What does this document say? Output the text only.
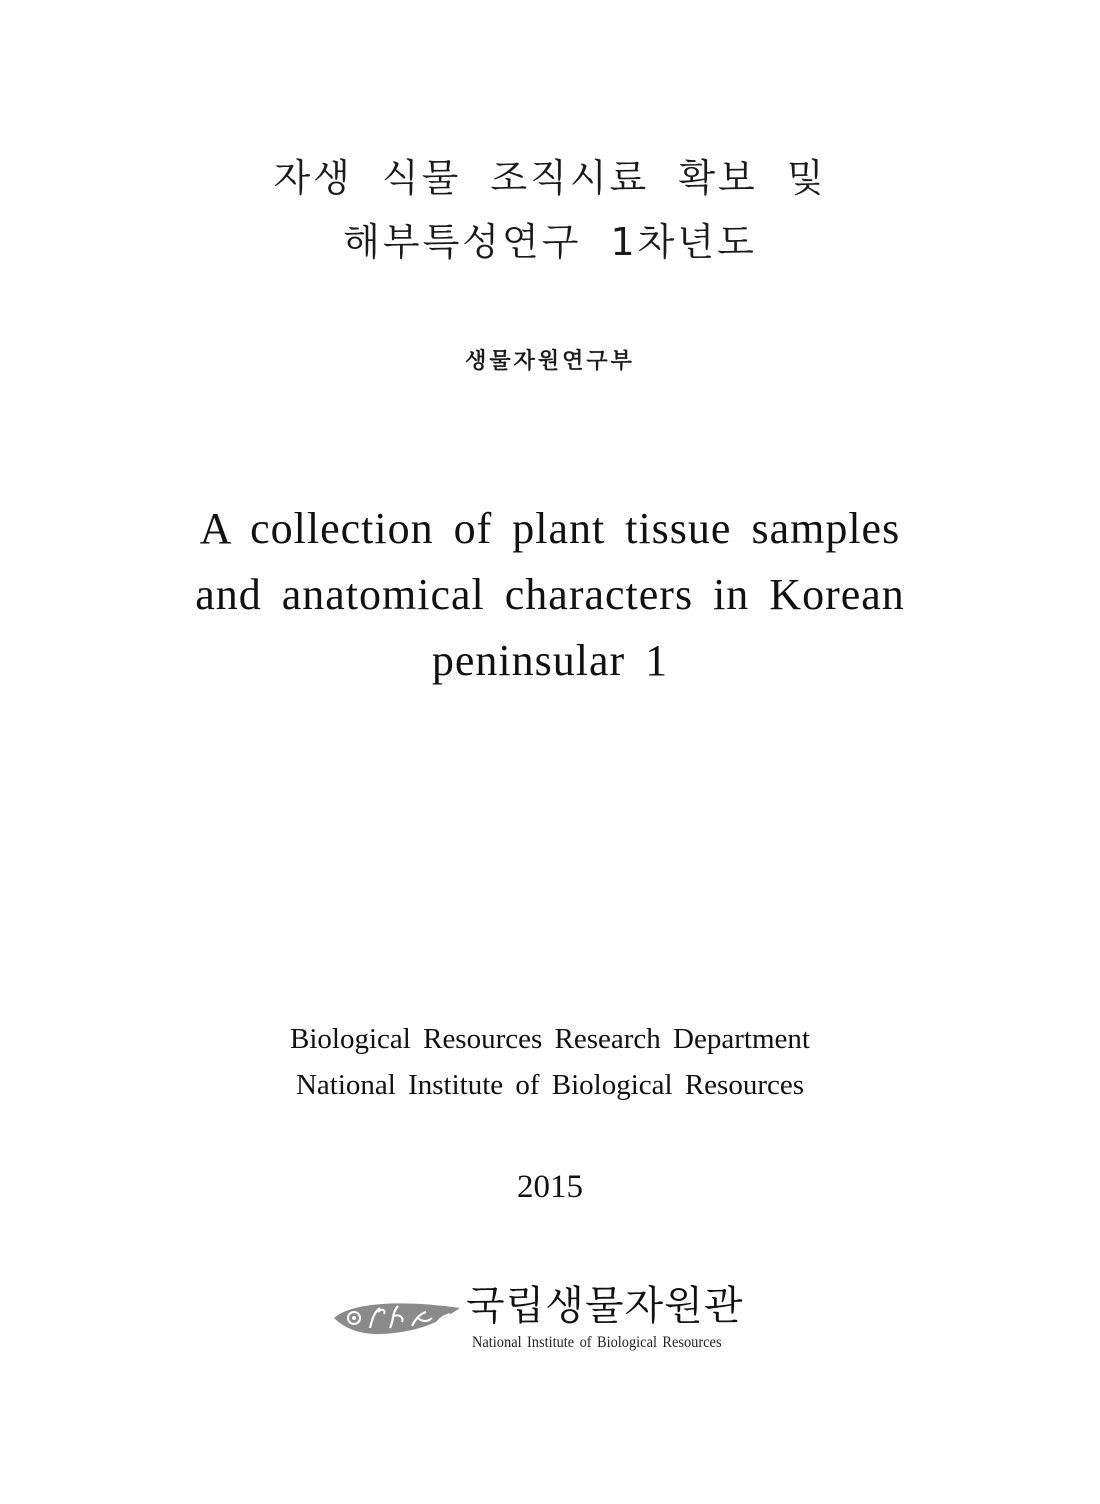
자생 식물 조직시료 확보 및
해부특성연구 1차년도
생물자원연구부
A collection of plant tissue samples
and anatomical characters in Korean
peninsular 1
Biological Resources Research Department
National Institute of Biological Resources
2015
국립생물자원관
National Institute of Biological Resources
